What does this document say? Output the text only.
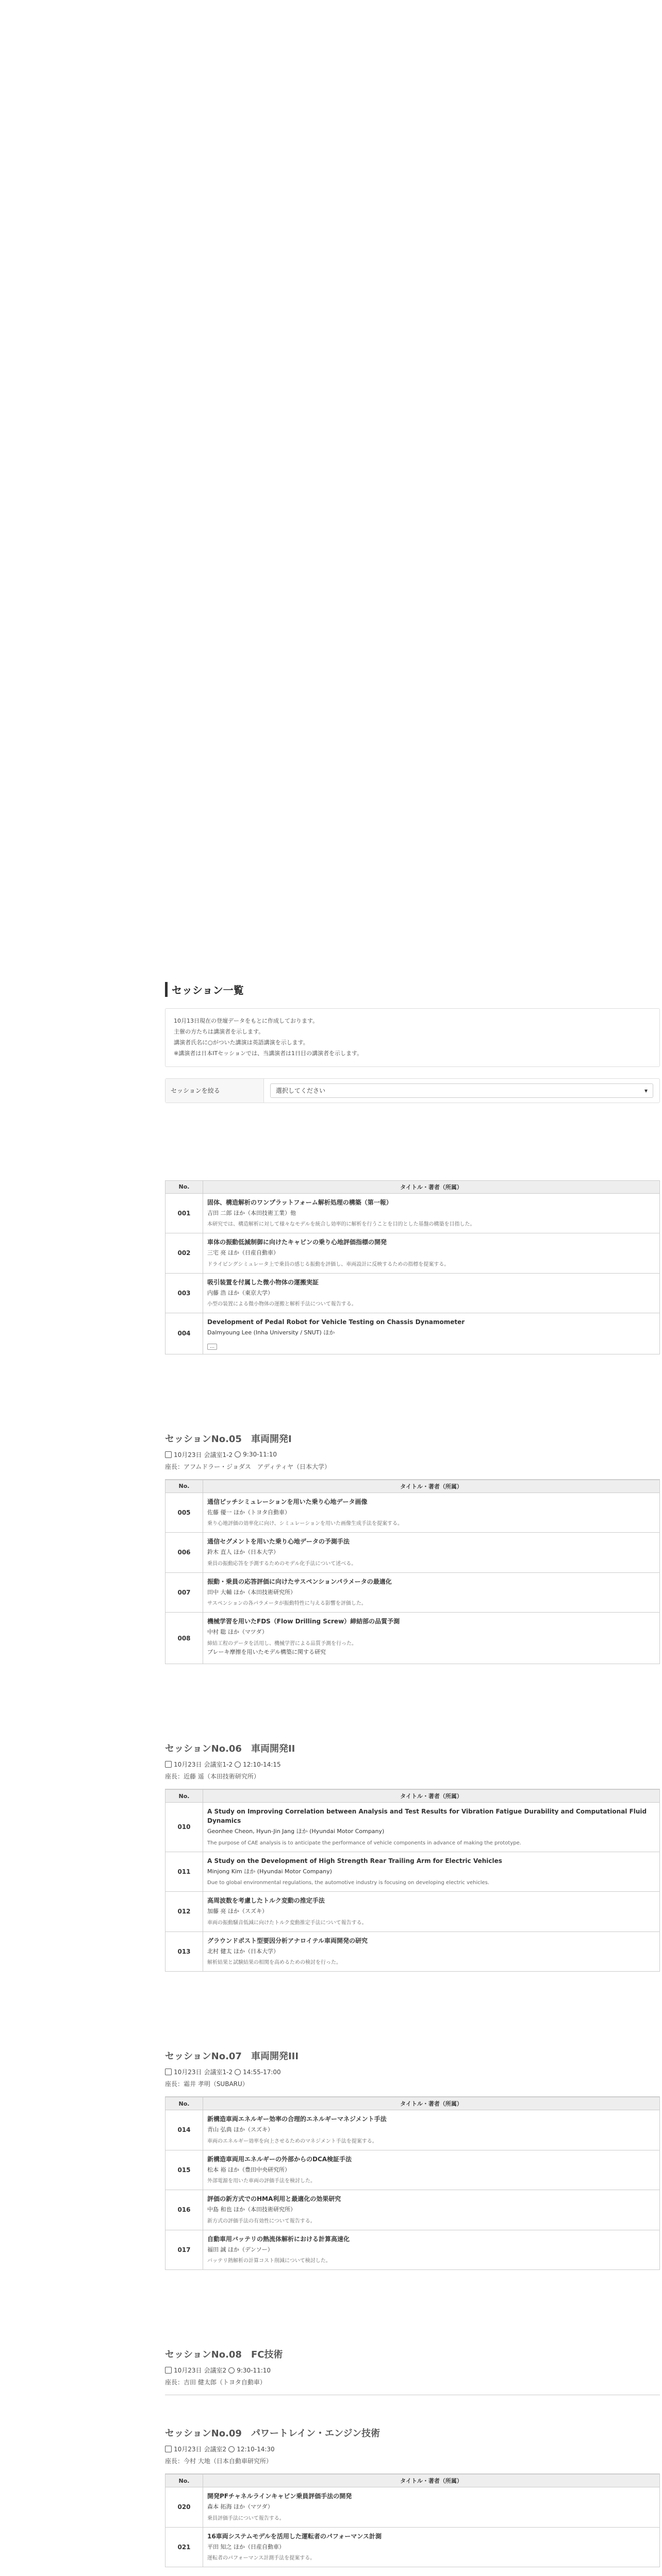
セッション一覧
10月13日現在の登壇データをもとに作成しております。
主催の方たちは講演者を示します。
講演者氏名に○がついた講演は英語講演を示します。
※講演者は日本ITセッションでは、当講演者は1日目の講演者を示します。
セッションを絞る	選択してください	▾
No.	タイトル・著者（所属）
001	固体、構造解析のワンプラットフォーム解析処理の構築（第一報）
吉田 二郎 ほか（本田技術工業）他
本研究では、構造解析に対して様々なモデルを統合し効率的に解析を行うことを目的とした基盤の構築を目指した。

002	車体の振動低減制御に向けたキャビンの乗り心地評価指標の開発
三宅 亮 ほか（日産自動車）
ドライビングシミュレータ上で乗員の感じる振動を評価し、車両設計に反映するための指標を提案する。

003	吸引装置を付属した微小物体の運搬実証
内藤 浩 ほか（東京大学）
小型の装置による微小物体の運搬と解析手法について報告する。

004	Development of Pedal Robot for Vehicle Testing on Chassis Dynamometer
Dalmyoung Lee (Inha University / SNUT) ほか
…
セッションNo.05　車両開発I
10月23日 会議室1-2 9:30-11:10
座長：アフムドラー・ジョダス　アディティヤ（日本大学）
No.	タイトル・著者（所属）
005	通信ピッチシミュレーションを用いた乗り心地データ画像
佐藤 優一 ほか（トヨタ自動車）
乗り心地評価の効率化に向け、シミュレーションを用いた画像生成手法を提案する。

006	通信セグメントを用いた乗り心地データの予測手法
鈴木 直人 ほか（日本大学）
乗員の振動応答を予測するためのモデル化手法について述べる。

007	振動・乗員の応答評価に向けたサスペンションパラメータの最適化
田中 大輔 ほか（本田技術研究所）
サスペンションの各パラメータが振動特性に与える影響を評価した。

008	機械学習を用いたFDS（Flow Drilling Screw）締結部の品質予測
中村 聡 ほか（マツダ）
締結工程のデータを活用し、機械学習による品質予測を行った。
ブレーキ摩擦を用いたモデル構築に関する研究
セッションNo.06　車両開発II
10月23日 会議室1-2 12:10-14:15
座長：近藤 遥（本田技術研究所）
No.	タイトル・著者（所属）
010	A Study on Improving Correlation between Analysis and Test Results for Vibration Fatigue Durability and Computational Fluid Dynamics
Geonhee Cheon, Hyun-Jin Jang ほか (Hyundai Motor Company)
The purpose of CAE analysis is to anticipate the performance of vehicle components in advance of making the prototype.

011	A Study on the Development of High Strength Rear Trailing Arm for Electric Vehicles
Minjong Kim ほか (Hyundai Motor Company)
Due to global environmental regulations, the automotive industry is focusing on developing electric vehicles.

012	高周波数を考慮したトルク変動の推定手法
加藤 亮 ほか（スズキ）
車両の振動騒音低減に向けたトルク変動推定手法について報告する。

013	グラウンドポスト型要因分析アナロイテル車両開発の研究
北村 健太 ほか（日本大学）
解析結果と試験結果の相関を高めるための検討を行った。
セッションNo.07　車両開発III
10月23日 会議室1-2 14:55-17:00
座長：霜井 孝明（SUBARU）
No.	タイトル・著者（所属）
014	新構造車両エネルギー効率の合理的エネルギーマネジメント手法
青山 弘典 ほか（スズキ）
車両のエネルギー効率を向上させるためのマネジメント手法を提案する。

015	新構造車両用エネルギーの外部からのDCA検証手法
松本 裕 ほか（豊田中央研究所）
外部電源を用いた車両の評価手法を検討した。

016	評価の新方式でのHMA利用と最適化の効果研究
中島 和也 ほか（本田技術研究所）
新方式の評価手法の有効性について報告する。

017	自動車用バッテリの熱流体解析における計算高速化
福田 誠 ほか（デンソー）
バッテリ熱解析の計算コスト削減について検討した。
セッションNo.08　FC技術
10月23日 会議室2 9:30-11:10
座長：吉田 健太郎（トヨタ自動車）
セッションNo.09　パワートレイン・エンジン技術
10月23日 会議室2 12:10-14:30
座長：今村 大地（日本自動車研究所）
No.	タイトル・著者（所属）
020	開発PFチャネルラインキャビン乗員評価手法の開発
森本 拓海 ほか（マツダ）
乗員評価手法について報告する。

021	16車両システムモデルを活用した運転者のパフォーマンス計測
平田 知之 ほか（日産自動車）
運転者のパフォーマンス計測手法を提案する。
